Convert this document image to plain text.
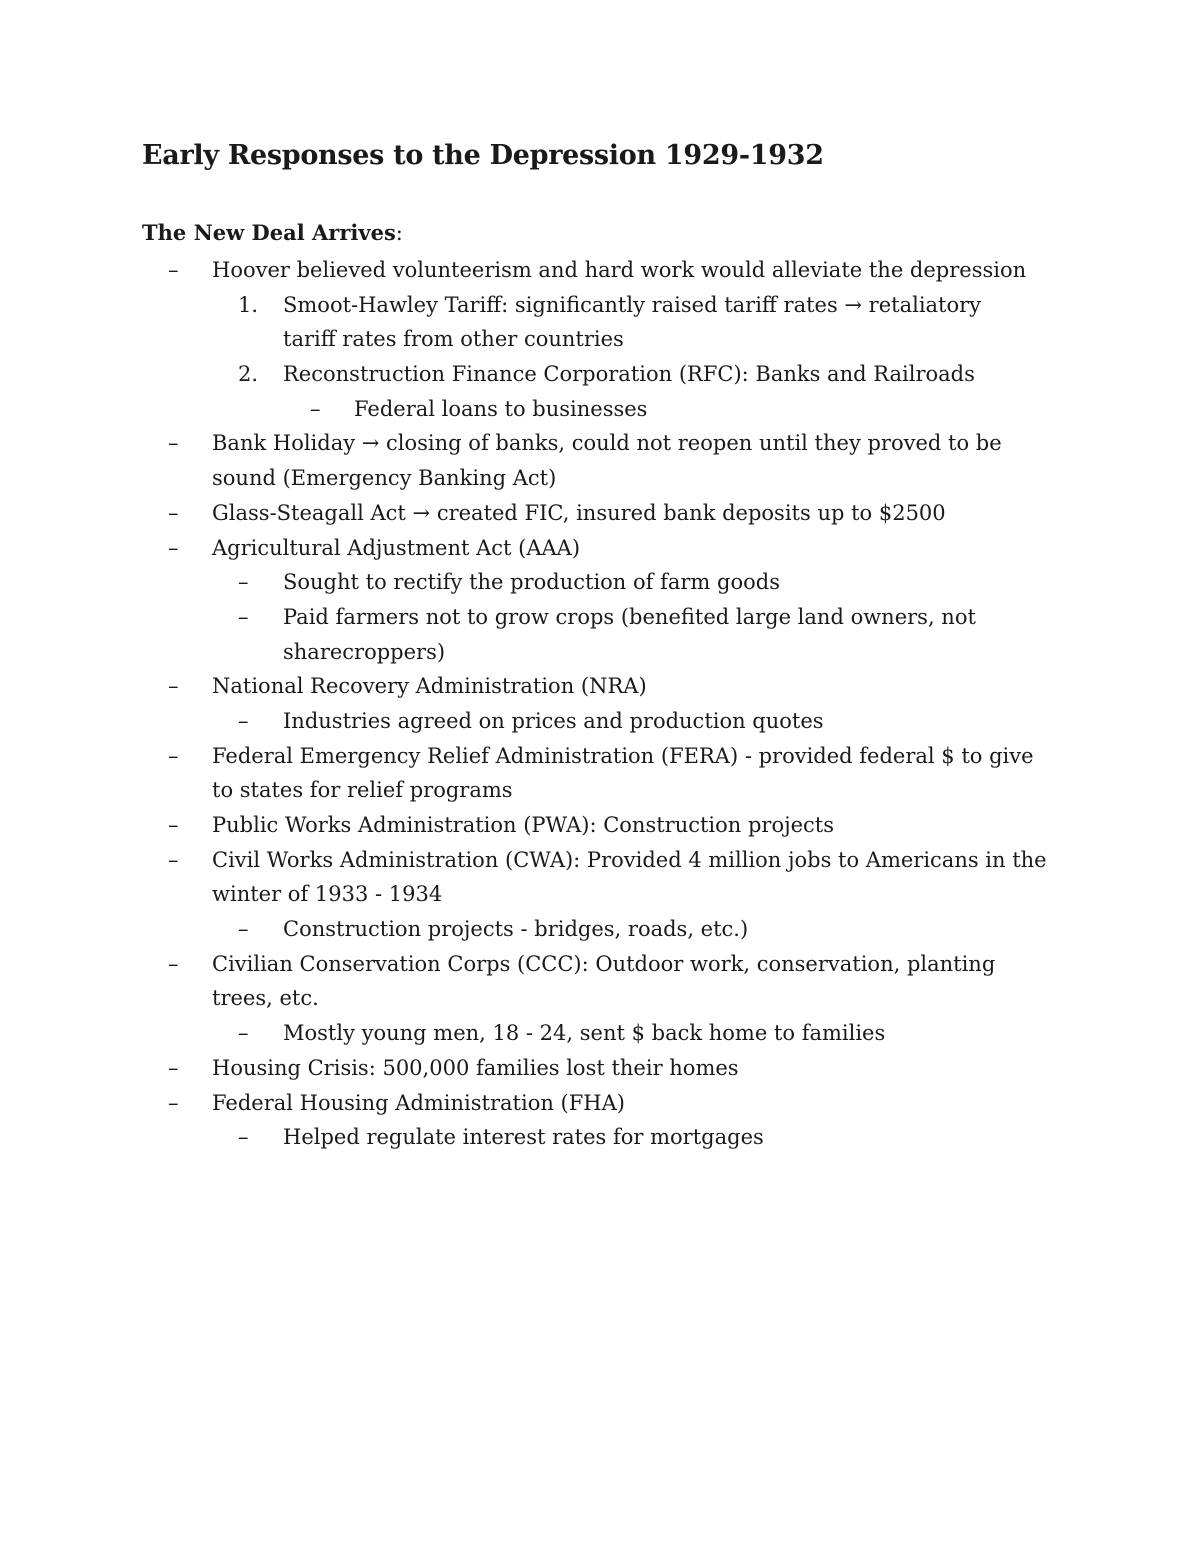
Early Responses to the Depression 1929-1932
The New Deal Arrives:
–	Hoover believed volunteerism and hard work would alleviate the depression
1.	Smoot-Hawley Tariff: significantly raised tariff rates → retaliatory
tariff rates from other countries
2.	Reconstruction Finance Corporation (RFC): Banks and Railroads
–	Federal loans to businesses
–	Bank Holiday → closing of banks, could not reopen until they proved to be
sound (Emergency Banking Act)
–	Glass-Steagall Act → created FIC, insured bank deposits up to $2500
–	Agricultural Adjustment Act (AAA)
–	Sought to rectify the production of farm goods
–	Paid farmers not to grow crops (benefited large land owners, not
sharecroppers)
–	National Recovery Administration (NRA)
–	Industries agreed on prices and production quotes
–	Federal Emergency Relief Administration (FERA) - provided federal $ to give
to states for relief programs
–	Public Works Administration (PWA): Construction projects
–	Civil Works Administration (CWA): Provided 4 million jobs to Americans in the
winter of 1933 - 1934
–	Construction projects - bridges, roads, etc.)
–	Civilian Conservation Corps (CCC): Outdoor work, conservation, planting
trees, etc.
–	Mostly young men, 18 - 24, sent $ back home to families
–	Housing Crisis: 500,000 families lost their homes
–	Federal Housing Administration (FHA)
–	Helped regulate interest rates for mortgages
